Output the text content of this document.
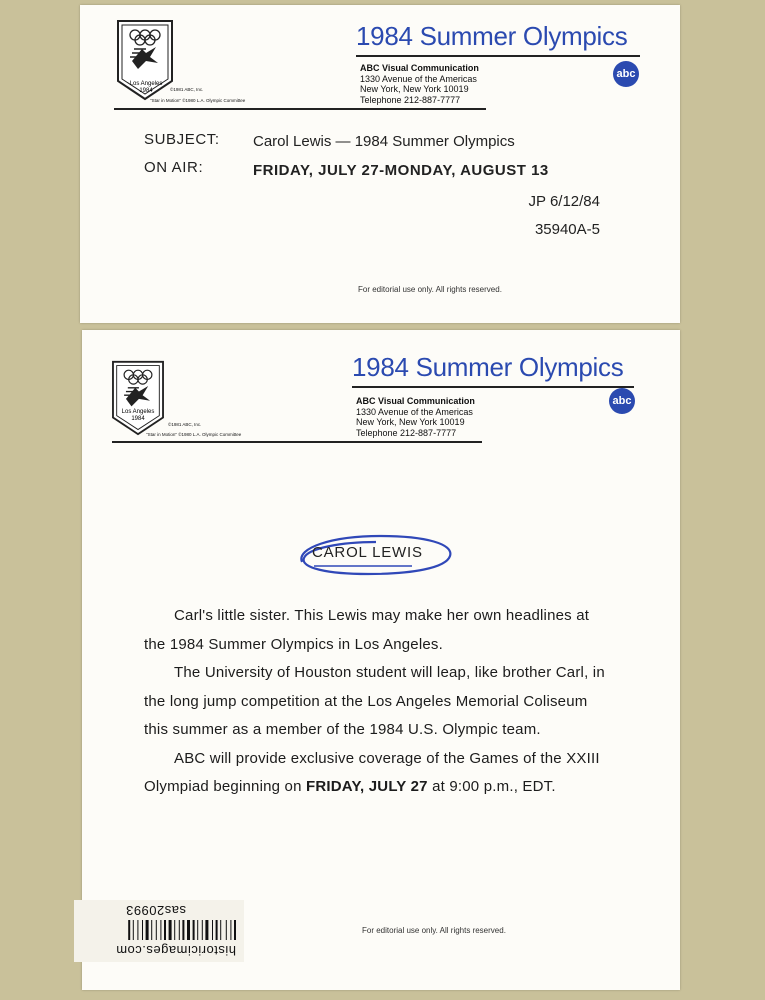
Los Angeles
1984	©1981 ABC, Inc.
"Star in Motion" ©1980 L.A. Olympic Committee
1984 Summer Olympics
ABC Visual Communication
1330 Avenue of the Americas
New York, New York 10019
Telephone 212-887-7777
abc
SUBJECT: Carol Lewis — 1984 Summer Olympics
ON AIR:	FRIDAY, JULY 27-MONDAY, AUGUST 13
JP 6/12/84
35940A-5
For editorial use only. All rights reserved.
Los Angeles
1984
©1981 ABC, Inc.
"Star in Motion" ©1980 L.A. Olympic Committee
1984 Summer Olympics
ABC Visual Communication
1330 Avenue of the Americas
New York, New York 10019
Telephone 212-887-7777
abc
CAROL LEWIS

Carl's little sister. This Lewis may make her own headlines at the 1984 Summer Olympics in Los Angeles.

The University of Houston student will leap, like brother Carl, in the long jump competition at the Los Angeles Memorial Coliseum this summer as a member of the 1984 U.S. Olympic team.

ABC will provide exclusive coverage of the Games of the XXIII Olympiad beginning on FRIDAY, JULY 27 at 9:00 p.m., EDT.

For editorial use only. All rights reserved.
historicimages.com
sas20993
